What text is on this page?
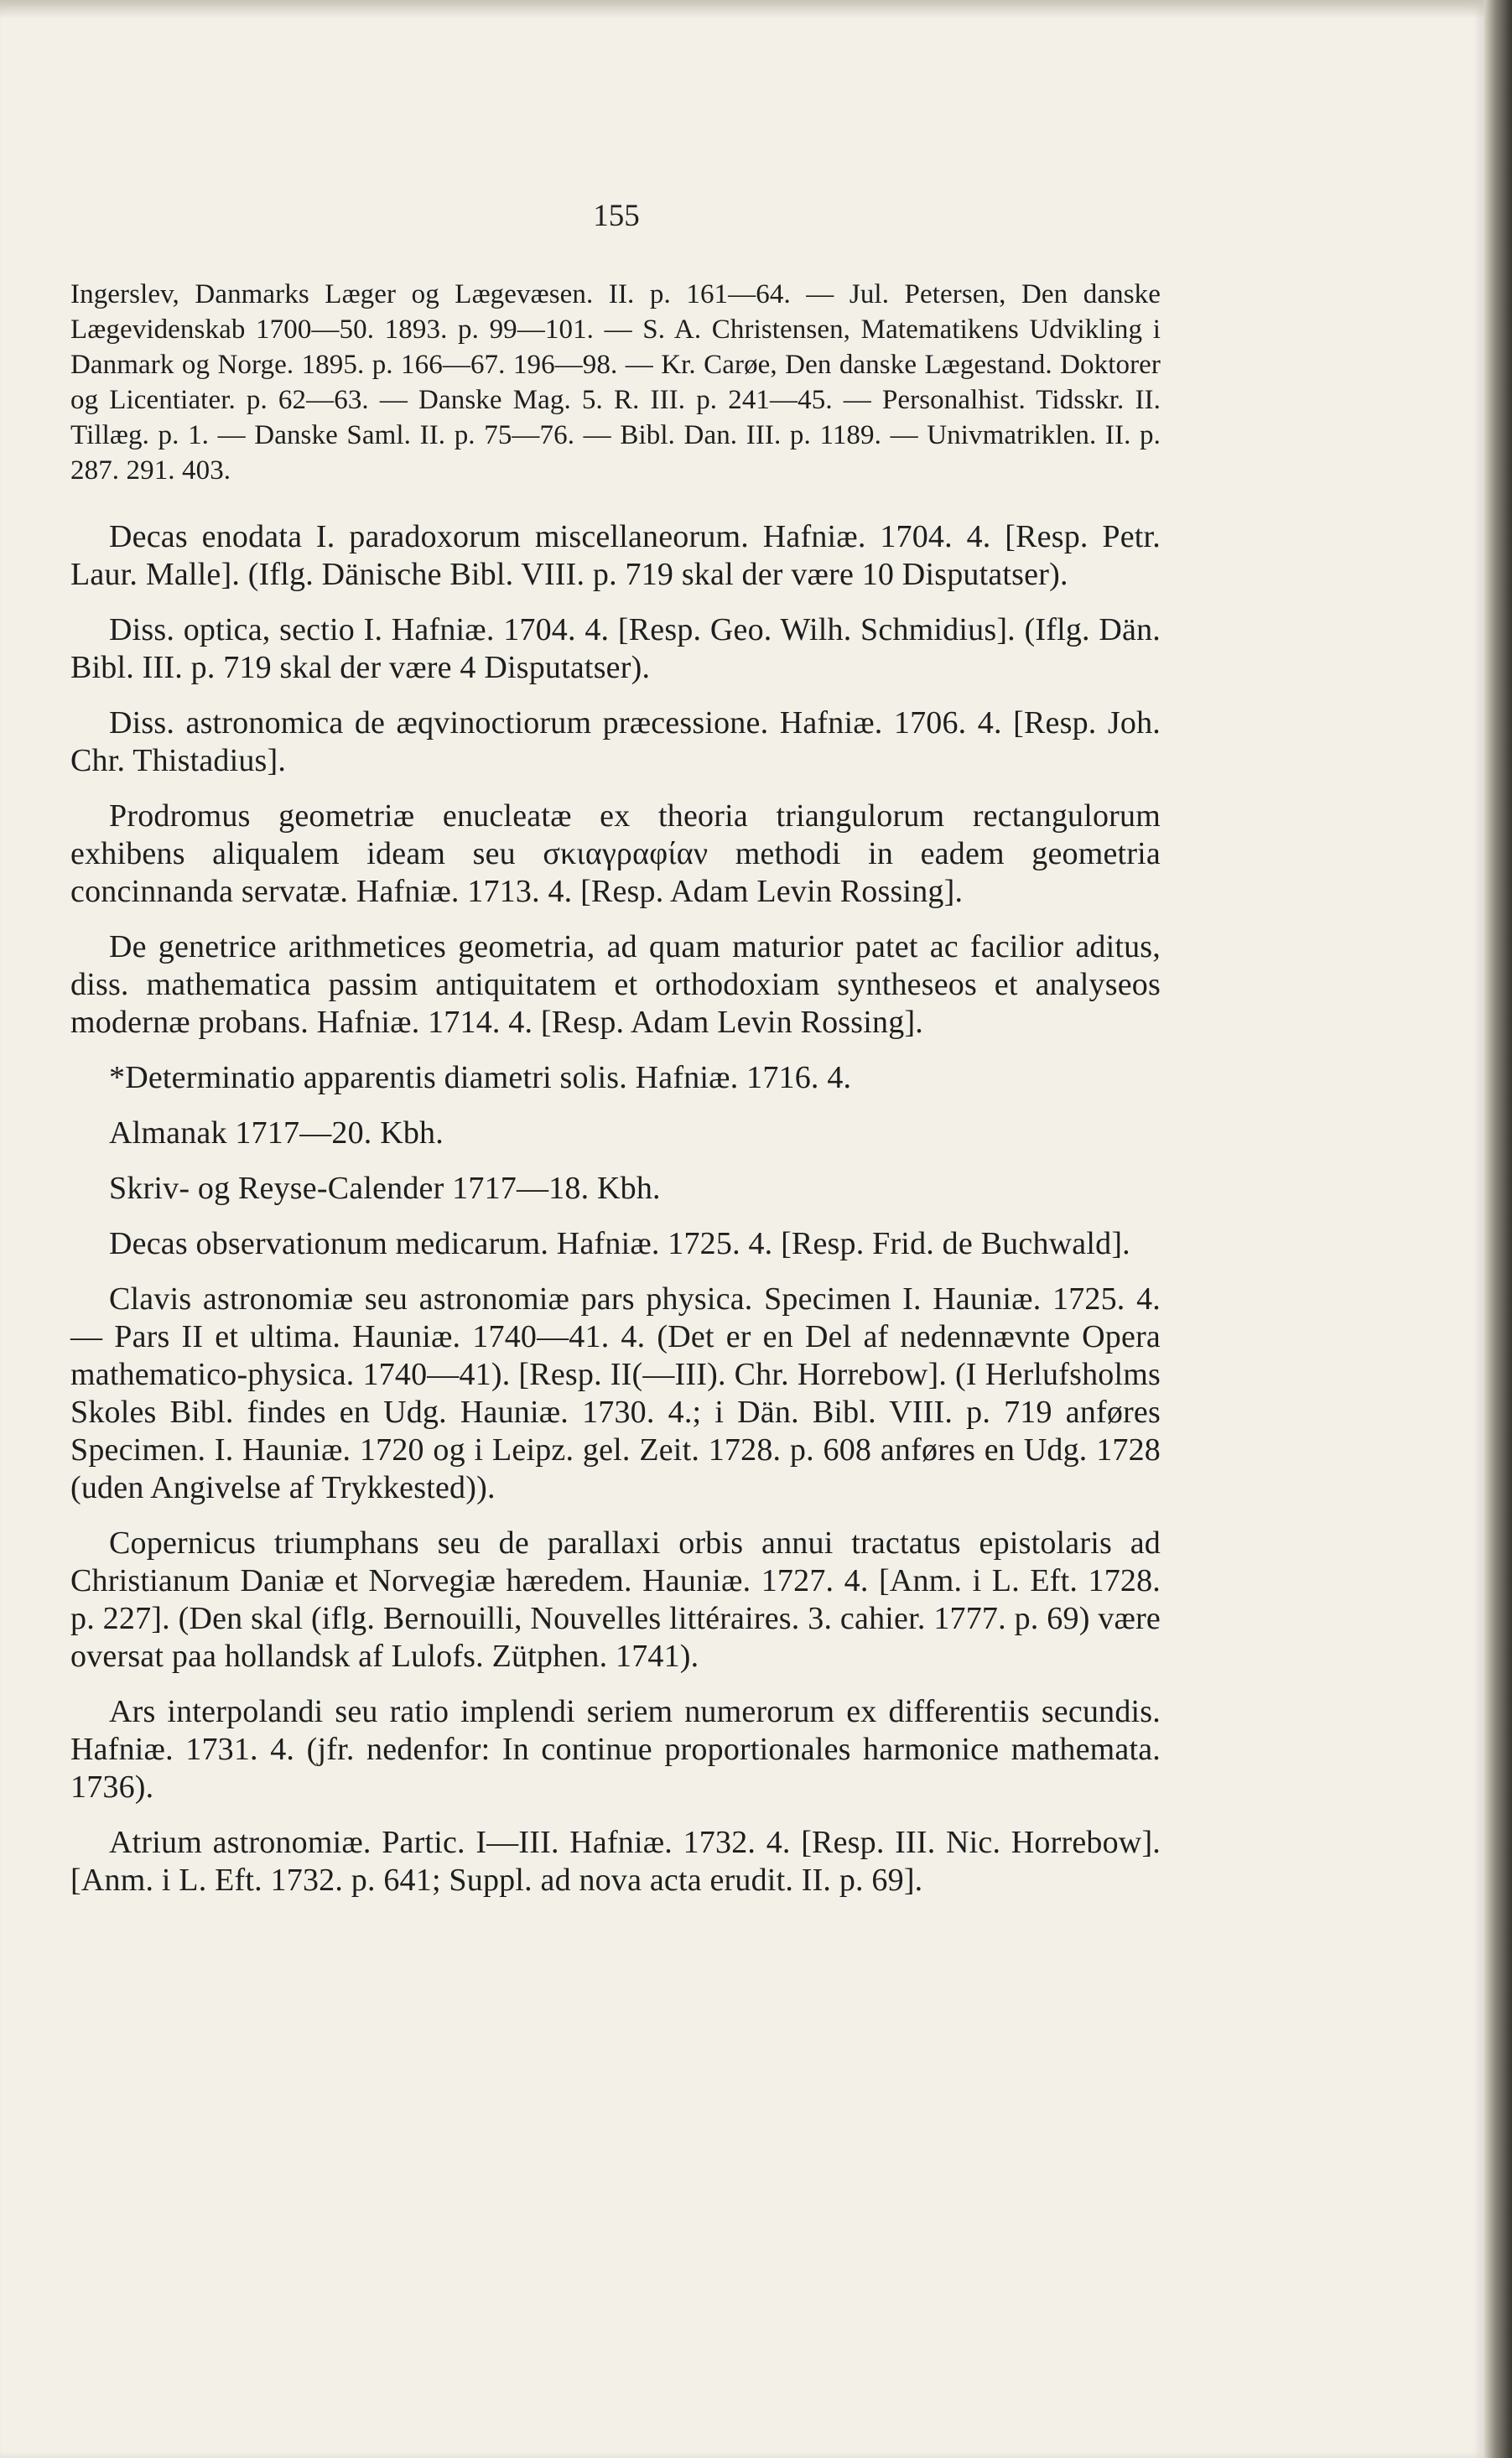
155

Ingerslev, Danmarks Læger og Lægevæsen. II. p. 161—64. — Jul. Petersen, Den danske Lægevidenskab 1700—50. 1893. p. 99—101. — S. A. Christensen, Matematikens Udvikling i Danmark og Norge. 1895. p. 166—67. 196—98. — Kr. Carøe, Den danske Lægestand. Doktorer og Licentiater. p. 62—63. — Danske Mag. 5. R. III. p. 241—45. — Personalhist. Tidsskr. II. Tillæg. p. 1. — Danske Saml. II. p. 75—76. — Bibl. Dan. III. p. 1189. — Univmatriklen. II. p. 287. 291. 403.

Decas enodata I. paradoxorum miscellaneorum. Hafniæ. 1704. 4. [Resp. Petr. Laur. Malle]. (Iflg. Dänische Bibl. VIII. p. 719 skal der være 10 Disputatser).

Diss. optica, sectio I. Hafniæ. 1704. 4. [Resp. Geo. Wilh. Schmidius]. (Iflg. Dän. Bibl. III. p. 719 skal der være 4 Disputatser).

Diss. astronomica de æqvinoctiorum præcessione. Hafniæ. 1706. 4. [Resp. Joh. Chr. Thistadius].

Prodromus geometriæ enucleatæ ex theoria triangulorum rectangulorum exhibens aliqualem ideam seu σκιαγραφίαν methodi in eadem geometria concinnanda servatæ. Hafniæ. 1713. 4. [Resp. Adam Levin Rossing].

De genetrice arithmetices geometria, ad quam maturior patet ac facilior aditus, diss. mathematica passim antiquitatem et orthodoxiam syntheseos et analyseos modernæ probans. Hafniæ. 1714. 4. [Resp. Adam Levin Rossing].

*Determinatio apparentis diametri solis. Hafniæ. 1716. 4.

Almanak 1717—20. Kbh.

Skriv- og Reyse-Calender 1717—18. Kbh.

Decas observationum medicarum. Hafniæ. 1725. 4. [Resp. Frid. de Buchwald].

Clavis astronomiæ seu astronomiæ pars physica. Specimen I. Hauniæ. 1725. 4. — Pars II et ultima. Hauniæ. 1740—41. 4. (Det er en Del af nedennævnte Opera mathematico-physica. 1740—41). [Resp. II(—III). Chr. Horrebow]. (I Herlufsholms Skoles Bibl. findes en Udg. Hauniæ. 1730. 4.; i Dän. Bibl. VIII. p. 719 anføres Specimen. I. Hauniæ. 1720 og i Leipz. gel. Zeit. 1728. p. 608 anføres en Udg. 1728 (uden Angivelse af Trykkested)).

Copernicus triumphans seu de parallaxi orbis annui tractatus epistolaris ad Christianum Daniæ et Norvegiæ hæredem. Hauniæ. 1727. 4. [Anm. i L. Eft. 1728. p. 227]. (Den skal (iflg. Bernouilli, Nouvelles littéraires. 3. cahier. 1777. p. 69) være oversat paa hollandsk af Lulofs. Zütphen. 1741).

Ars interpolandi seu ratio implendi seriem numerorum ex differentiis secundis. Hafniæ. 1731. 4. (jfr. nedenfor: In continue proportionales harmonice mathemata. 1736).

Atrium astronomiæ. Partic. I—III. Hafniæ. 1732. 4. [Resp. III. Nic. Horrebow]. [Anm. i L. Eft. 1732. p. 641; Suppl. ad nova acta erudit. II. p. 69].
